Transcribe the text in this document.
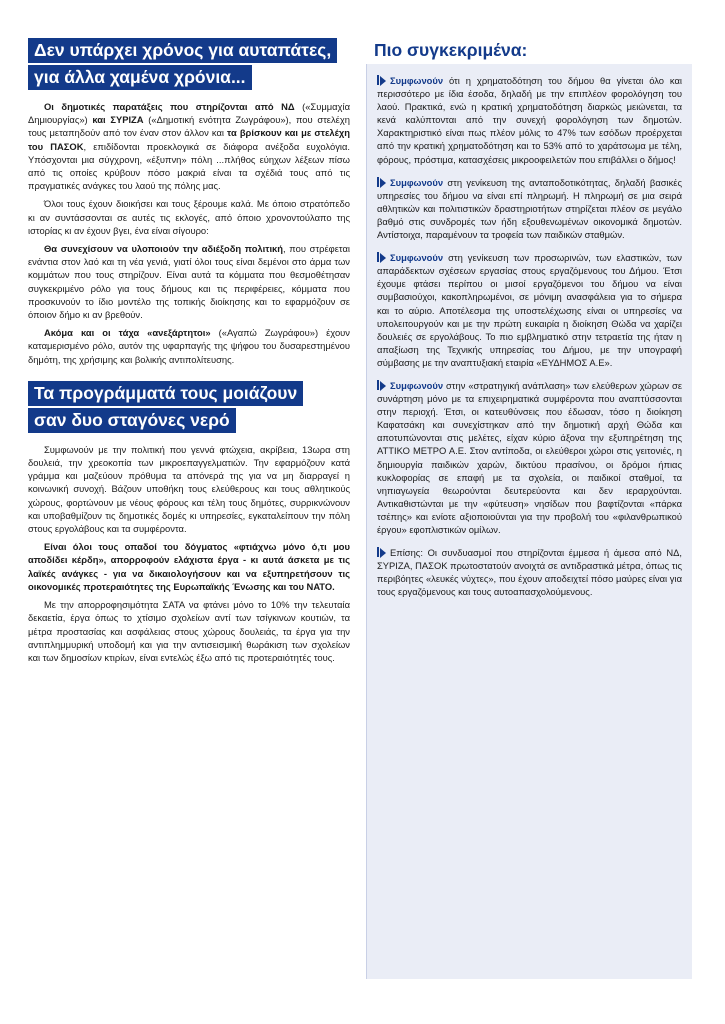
Δεν υπάρχει χρόνος για αυταπάτες,
για άλλα χαμένα χρόνια...

Οι δημοτικές παρατάξεις που στηρίζονται από ΝΔ («Συμμαχία Δημιουργίας») και ΣΥΡΙΖΑ («Δημοτική ενότητα Ζωγράφου»), που στελέχη τους μεταπηδούν από τον έναν στον άλλον και τα βρίσκουν και με στελέχη του ΠΑΣΟΚ, επιδίδονται προεκλογικά σε διάφορα ανέξοδα ευχολόγια. Υπόσχονται μια σύγχρονη, «έξυπνη» πόλη ...πλήθος εύηχων λέξεων πίσω από τις οποίες κρύβουν πόσο μακριά είναι τα σχέδιά τους από τις πραγματικές ανάγκες του λαού της πόλης μας.

Όλοι τους έχουν διοικήσει και τους ξέρουμε καλά. Με όποιο στρατόπεδο κι αν συντάσσονται σε αυτές τις εκλογές, από όποιο χρονοντούλαπο της ιστορίας κι αν έχουν βγει, ένα είναι σίγουρο:

Θα συνεχίσουν να υλοποιούν την αδιέξοδη πολιτική, που στρέφεται ενάντια στον λαό και τη νέα γενιά, γιατί όλοι τους είναι δεμένοι στο άρμα των κομμάτων που τους στηρίζουν. Είναι αυτά τα κόμματα που θεσμοθέτησαν συγκεκριμένο ρόλο για τους δήμους και τις περιφέρειες, κόμματα που προσκυνούν το ίδιο μοντέλο της τοπικής διοίκησης και το εφαρμόζουν σε όποιον δήμο κι αν βρεθούν.

Ακόμα και οι τάχα «ανεξάρτητοι» («Αγαπώ Ζωγράφου») έχουν καταμερισμένο ρόλο, αυτόν της υφαρπαγής της ψήφου του δυσαρεστημένου δημότη, της χρήσιμης και βολικής αντιπολίτευσης.

Τα προγράμματά τους μοιάζουν
σαν δυο σταγόνες νερό

Συμφωνούν με την πολιτική που γεννά φτώχεια, ακρίβεια, 13ωρα στη δουλειά, την χρεοκοπία των μικροεπαγγελματιών. Την εφαρμόζουν κατά γράμμα και μαζεύουν πρόθυμα τα απόνερά της για να μη διαρραγεί η κοινωνική συνοχή. Βάζουν υποθήκη τους ελεύθερους και τους αθλητικούς χώρους, φορτώνουν με νέους φόρους και τέλη τους δημότες, συρρικνώνουν και υποβαθμίζουν τις δημοτικές δομές κι υπηρεσίες, εγκαταλείπουν την πόλη στους εργολάβους και τα συμφέροντα.

Είναι όλοι τους οπαδοί του δόγματος «φτιάχνω μόνο ό,τι μου αποδίδει κέρδη», απορροφούν ελάχιστα έργα - κι αυτά άσκετα με τις λαϊκές ανάγκες - για να δικαιολογήσουν και να εξυπηρετήσουν τις οικονομικές προτεραιότητες της Ευρωπαϊκής Ένωσης και του ΝΑΤΟ.

Με την απορροφησιμότητα ΣΑΤΑ να φτάνει μόνο το 10% την τελευταία δεκαετία, έργα όπως το χτίσιμο σχολείων αντί των τσίγκινων κουτιών, τα μέτρα προστασίας και ασφάλειας στους χώρους δουλειάς, τα έργα για την αντιπλημμυρική υποδομή και για την αντισεισμική θωράκιση των σχολείων και των δημοσίων κτιρίων, είναι εντελώς έξω από τις προτεραιότητές τους.

Πιο συγκεκριμένα:

Συμφωνούν ότι η χρηματοδότηση του δήμου θα γίνεται όλο και περισσότερο με ίδια έσοδα, δηλαδή με την επιπλέον φορολόγηση του λαού. Πρακτικά, ενώ η κρατική χρηματοδότηση διαρκώς μειώνεται, τα κενά καλύπτονται από την συνεχή φορολόγηση των δημοτών. Χαρακτηριστικό είναι πως πλέον μόλις το 47% των εσόδων προέρχεται από την κρατική χρηματοδότηση και το 53% από το χαράτσωμα με τέλη, φόρους, πρόστιμα, κατασχέσεις μικροοφειλετών που επιβάλλει ο δήμος!

Συμφωνούν στη γενίκευση της ανταποδοτικότητας, δηλαδή βασικές υπηρεσίες του δήμου να είναι επί πληρωμή. Η πληρωμή σε μια σειρά αθλητικών και πολιτιστικών δραστηριοτήτων στηρίζεται πλέον σε μεγάλο βαθμό στις συνδρομές των ήδη εξουθενωμένων οικονομικά δημοτών. Αντίστοιχα, παραμένουν τα τροφεία των παιδικών σταθμών.

Συμφωνούν στη γενίκευση των προσωρινών, των ελαστικών, των απαράδεκτων σχέσεων εργασίας στους εργαζόμενους του Δήμου. Έτσι έχουμε φτάσει περίπου οι μισοί εργαζόμενοι του δήμου να είναι συμβασιούχοι, κακοπληρωμένοι, σε μόνιμη ανασφάλεια για το σήμερα και το αύριο. Αποτέλεσμα της υποστελέχωσης είναι οι υπηρεσίες να υπολειτουργούν και με την πρώτη ευκαιρία η διοίκηση Θώδα να χαρίζει δουλειές σε εργολάβους. Το πιο εμβληματικό στην τετραετία της ήταν η απαξίωση της Τεχνικής υπηρεσίας του Δήμου, με την υπογραφή σύμβασης με την αναπτυξιακή εταιρία «ΕΥΔΗΜΟΣ Α.Ε».

Συμφωνούν στην «στρατηγική ανάπλαση» των ελεύθερων χώρων σε συνάρτηση μόνο με τα επιχειρηματικά συμφέροντα που αναπτύσσονται στην περιοχή. Έτσι, οι κατευθύνσεις που έδωσαν, τόσο η διοίκηση Καφατσάκη και συνεχίστηκαν από την δημοτική αρχή Θώδα και αποτυπώνονται στις μελέτες, είχαν κύριο άξονα την εξυπηρέτηση της ΑΤΤΙΚΟ ΜΕΤΡΟ Α.Ε. Στον αντίποδα, οι ελεύθεροι χώροι στις γειτονιές, η δημιουργία παιδικών χαρών, δικτύου πρασίνου, οι δρόμοι ήπιας κυκλοφορίας σε επαφή με τα σχολεία, οι παιδικοί σταθμοί, τα νηπιαγωγεία θεωρούνται δευτερεύοντα και δεν ιεραρχούνται. Αντικαθιστώνται με την «φύτευση» νησίδων που βαφτίζονται «πάρκα τσέπης» και ενίοτε αξιοποιούνται για την προβολή του «φιλανθρωπικού έργου» εφοπλιστικών ομίλων.

Επίσης: Οι συνδυασμοί που στηρίζονται έμμεσα ή άμεσα από ΝΔ, ΣΥΡΙΖΑ, ΠΑΣΟΚ πρωτοστατούν ανοιχτά σε αντιδραστικά μέτρα, όπως τις περιβόητες «λευκές νύχτες», που έχουν αποδειχτεί πόσο μαύρες είναι για τους εργαζόμενους και τους αυτοαπασχολούμενους.
